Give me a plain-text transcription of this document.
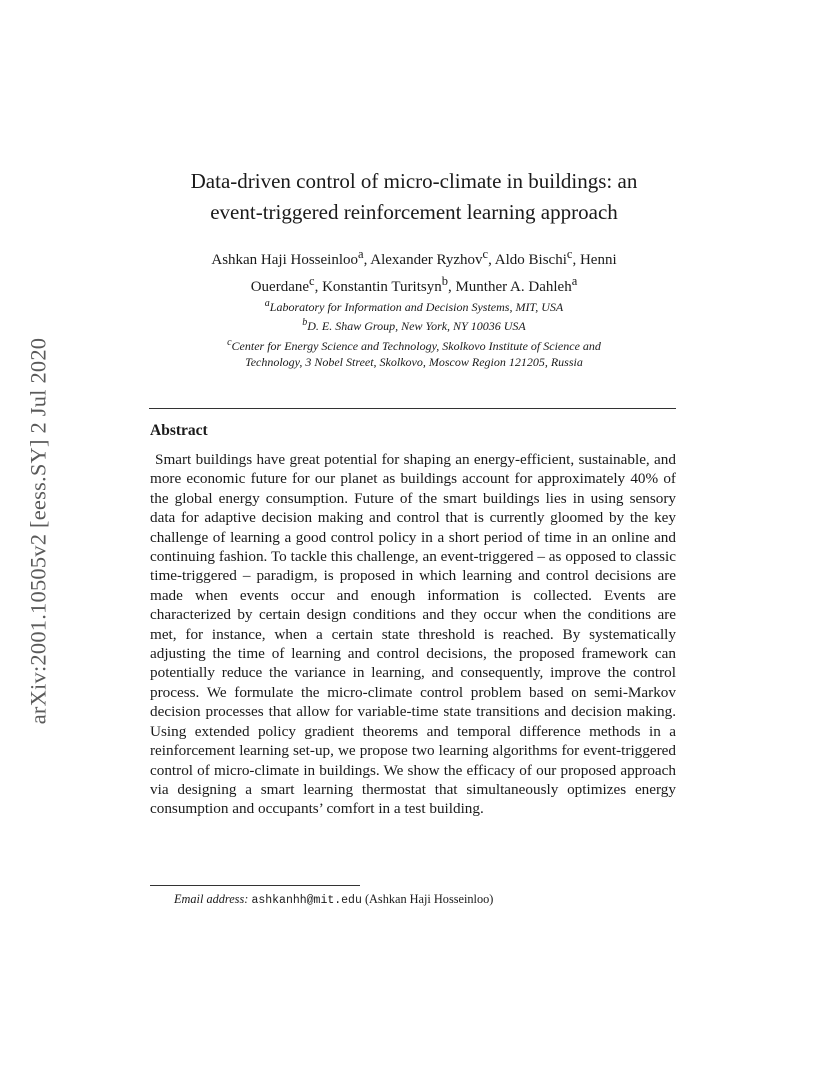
arXiv:2001.10505v2 [eess.SY] 2 Jul 2020
Data-driven control of micro-climate in buildings: an
event-triggered reinforcement learning approach
Ashkan Haji Hosseinloo$^a$, Alexander Ryzhov$^c$, Aldo Bischi$^c$, Henni
Ouerdane$^c$, Konstantin Turitsyn$^b$, Munther A. Dahleh$^a$
$^a$Laboratory for Information and Decision Systems, MIT, USA
$^b$D. E. Shaw Group, New York, NY 10036 USA
$^c$Center for Energy Science and Technology, Skolkovo Institute of Science and
Technology, 3 Nobel Street, Skolkovo, Moscow Region 121205, Russia
Abstract

Smart buildings have great potential for shaping an energy-efficient, sustainable, and more economic future for our planet as buildings account for approximately 40% of the global energy consumption. Future of the smart buildings lies in using sensory data for adaptive decision making and control that is currently gloomed by the key challenge of learning a good control policy in a short period of time in an online and continuing fashion. To tackle this challenge, an event-triggered – as opposed to classic time-triggered – paradigm, is proposed in which learning and control decisions are made when events occur and enough information is collected. Events are characterized by certain design conditions and they occur when the conditions are met, for instance, when a certain state threshold is reached. By systematically adjusting the time of learning and control decisions, the proposed framework can potentially reduce the variance in learning, and consequently, improve the control process. We formulate the micro-climate control problem based on semi-Markov decision processes that allow for variable-time state transitions and decision making. Using extended policy gradient theorems and temporal difference methods in a reinforcement learning set-up, we propose two learning algorithms for event-triggered control of micro-climate in buildings. We show the efficacy of our proposed approach via designing a smart learning thermostat that simultaneously optimizes energy consumption and occupants’ comfort in a test building.

Email address: ashkanhh@mit.edu (Ashkan Haji Hosseinloo)
